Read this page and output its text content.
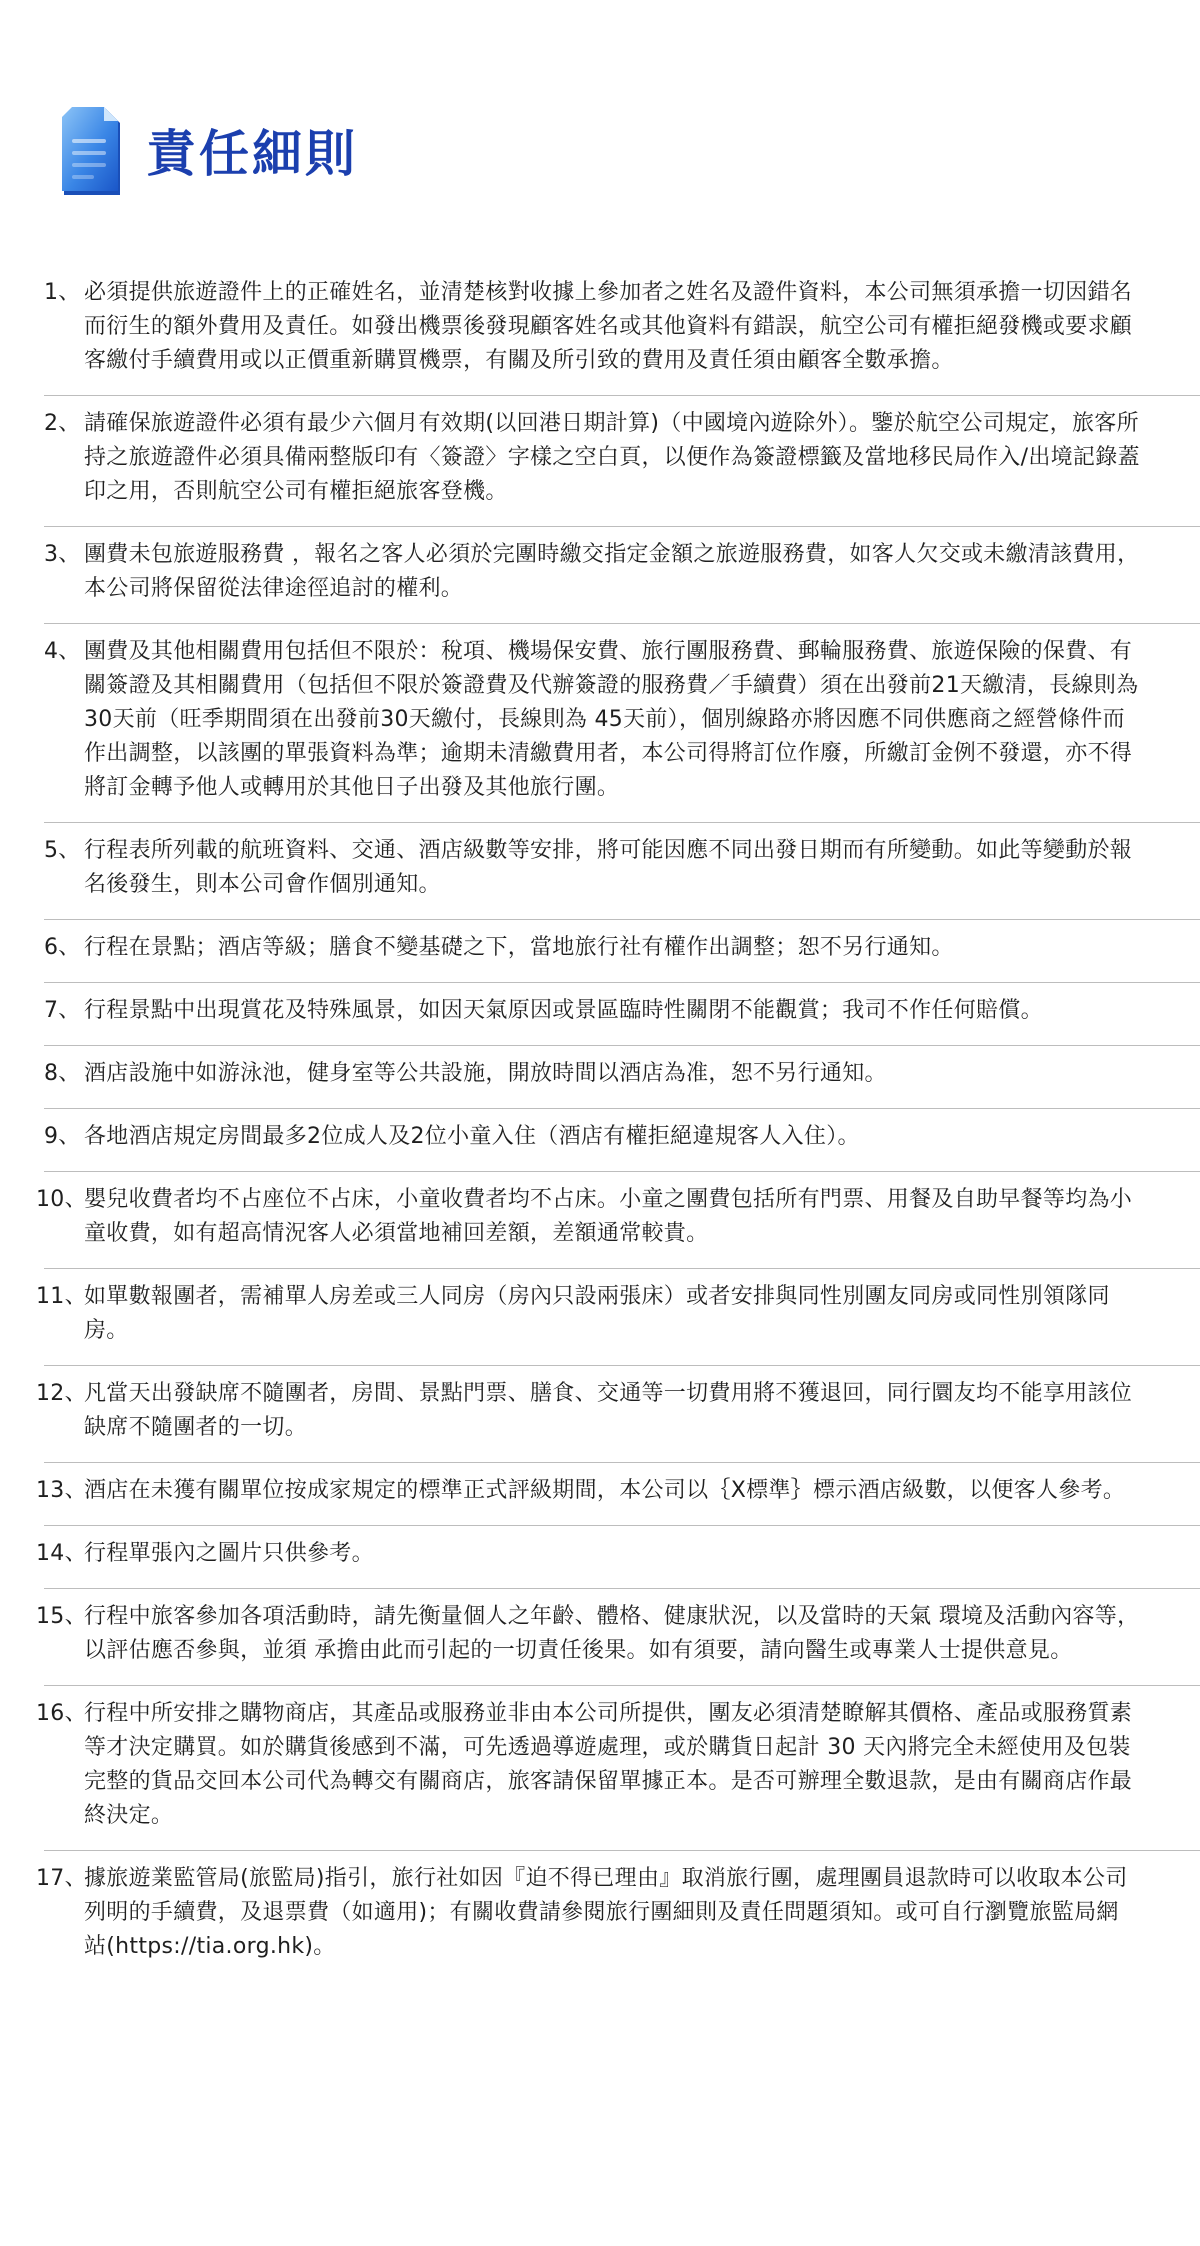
責任細則
1、 必須提供旅遊證件上的正確姓名，並清楚核對收據上參加者之姓名及證件資料，本公司無須承擔一切因錯名而衍生的額外費用及責任。如發出機票後發現顧客姓名或其他資料有錯誤，航空公司有權拒絕發機或要求顧客繳付手續費用或以正價重新購買機票，有關及所引致的費用及責任須由顧客全數承擔。
2、 請確保旅遊證件必須有最少六個月有效期(以回港日期計算)（中國境內遊除外）。鑒於航空公司規定，旅客所持之旅遊證件必須具備兩整版印有〈簽證〉字樣之空白頁，以便作為簽證標籤及當地移民局作入/出境記錄蓋印之用，否則航空公司有權拒絕旅客登機。
3、 團費未包旅遊服務費 ，報名之客人必須於完團時繳交指定金額之旅遊服務費，如客人欠交或未繳清該費用，本公司將保留從法律途徑追討的權利。
4、 團費及其他相關費用包括但不限於：稅項、機場保安費、旅行團服務費、郵輪服務費、旅遊保險的保費、有關簽證及其相關費用（包括但不限於簽證費及代辦簽證的服務費／手續費）須在出發前21天繳清，長線則為30天前（旺季期間須在出發前30天繳付，長線則為 45天前），個別線路亦將因應不同供應商之經營條件而作出調整，以該團的單張資料為準；逾期未清繳費用者，本公司得將訂位作廢，所繳訂金例不發還，亦不得將訂金轉予他人或轉用於其他日子出發及其他旅行團。
5、 行程表所列載的航班資料、交通、酒店級數等安排，將可能因應不同出發日期而有所變動。如此等變動於報名後發生，則本公司會作個別通知。
6、 行程在景點；酒店等級；膳食不變基礎之下，當地旅行社有權作出調整；恕不另行通知。
7、 行程景點中出現賞花及特殊風景，如因天氣原因或景區臨時性關閉不能觀賞；我司不作任何賠償。
8、 酒店設施中如游泳池，健身室等公共設施，開放時間以酒店為准，恕不另行通知。
9、 各地酒店規定房間最多2位成人及2位小童入住（酒店有權拒絕違規客人入住）。
10、
嬰兒收費者均不占座位不占床，小童收費者均不占床。小童之團費包括所有門票、用餐及自助早餐等均為小童收費，如有超高情況客人必須當地補回差額，差額通常較貴。
11、
如單數報團者，需補單人房差或三人同房（房內只設兩張床）或者安排與同性別團友同房或同性別領隊同房。
12、
凡當天出發缺席不隨團者，房間、景點門票、膳食、交通等一切費用將不獲退回，同行圜友均不能享用該位缺席不隨團者的一切。
13、
酒店在未獲有關單位按成家規定的標準正式評級期間，本公司以｛X標準｝標示酒店級數，以便客人參考。
14、
行程單張內之圖片只供參考。
15、
行程中旅客參加各項活動時，請先衡量個人之年齡、體格、健康狀況，以及當時的天氣 環境及活動內容等，以評估應否參與，並須 承擔由此而引起的一切責任後果。如有須要，請向醫生或專業人士提供意見。
16、
行程中所安排之購物商店，其產品或服務並非由本公司所提供，團友必須清楚瞭解其價格、產品或服務質素等才決定購買。如於購貨後感到不滿，可先透過導遊處理，或於購貨日起計 30 天內將完全未經使用及包裝完整的貨品交回本公司代為轉交有關商店，旅客請保留單據正本。是否可辦理全數退款，是由有關商店作最終決定。
17、
據旅遊業監管局(旅監局)指引，旅行社如因『迫不得已理由』取消旅行團，處理團員退款時可以收取本公司列明的手續費，及退票費（如適用)；有關收費請參閱旅行團細則及責任問題須知。或可自行瀏覽旅監局網站(https://tia.org.hk)。
